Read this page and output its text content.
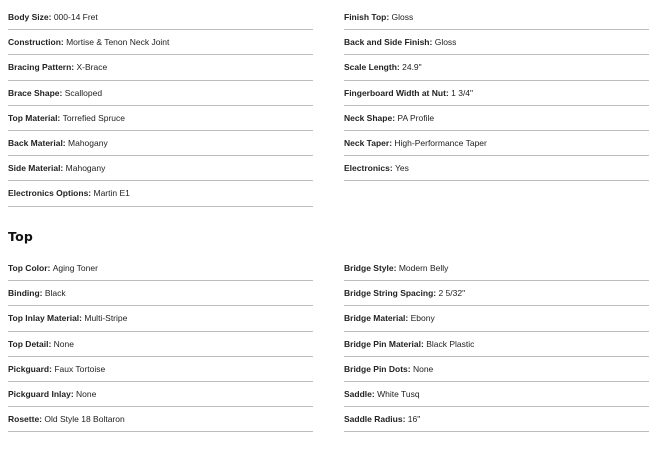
Body Size:
000-14 Fret
Construction:
Mortise & Tenon Neck Joint
Bracing Pattern:
X-Brace
Brace Shape:
Scalloped
Top Material:
Torrefied Spruce
Back Material:
Mahogany
Side Material:
Mahogany
Electronics Options:
Martin E1
Finish Top:
Gloss
Back and Side Finish:
Gloss
Scale Length:
24.9"
Fingerboard Width at Nut:
1 3/4"
Neck Shape:
PA Profile
Neck Taper:
High-Performance Taper
Electronics:
Yes
Top
Top Color:
Aging Toner
Binding:
Black
Top Inlay Material:
Multi-Stripe
Top Detail:
None
Pickguard:
Faux Tortoise
Pickguard Inlay:
None
Rosette:
Old Style 18 Boltaron
Bridge Style:
Modern Belly
Bridge String Spacing:
2 5/32"
Bridge Material:
Ebony
Bridge Pin Material:
Black Plastic
Bridge Pin Dots:
None
Saddle:
White Tusq
Saddle Radius:
16"
